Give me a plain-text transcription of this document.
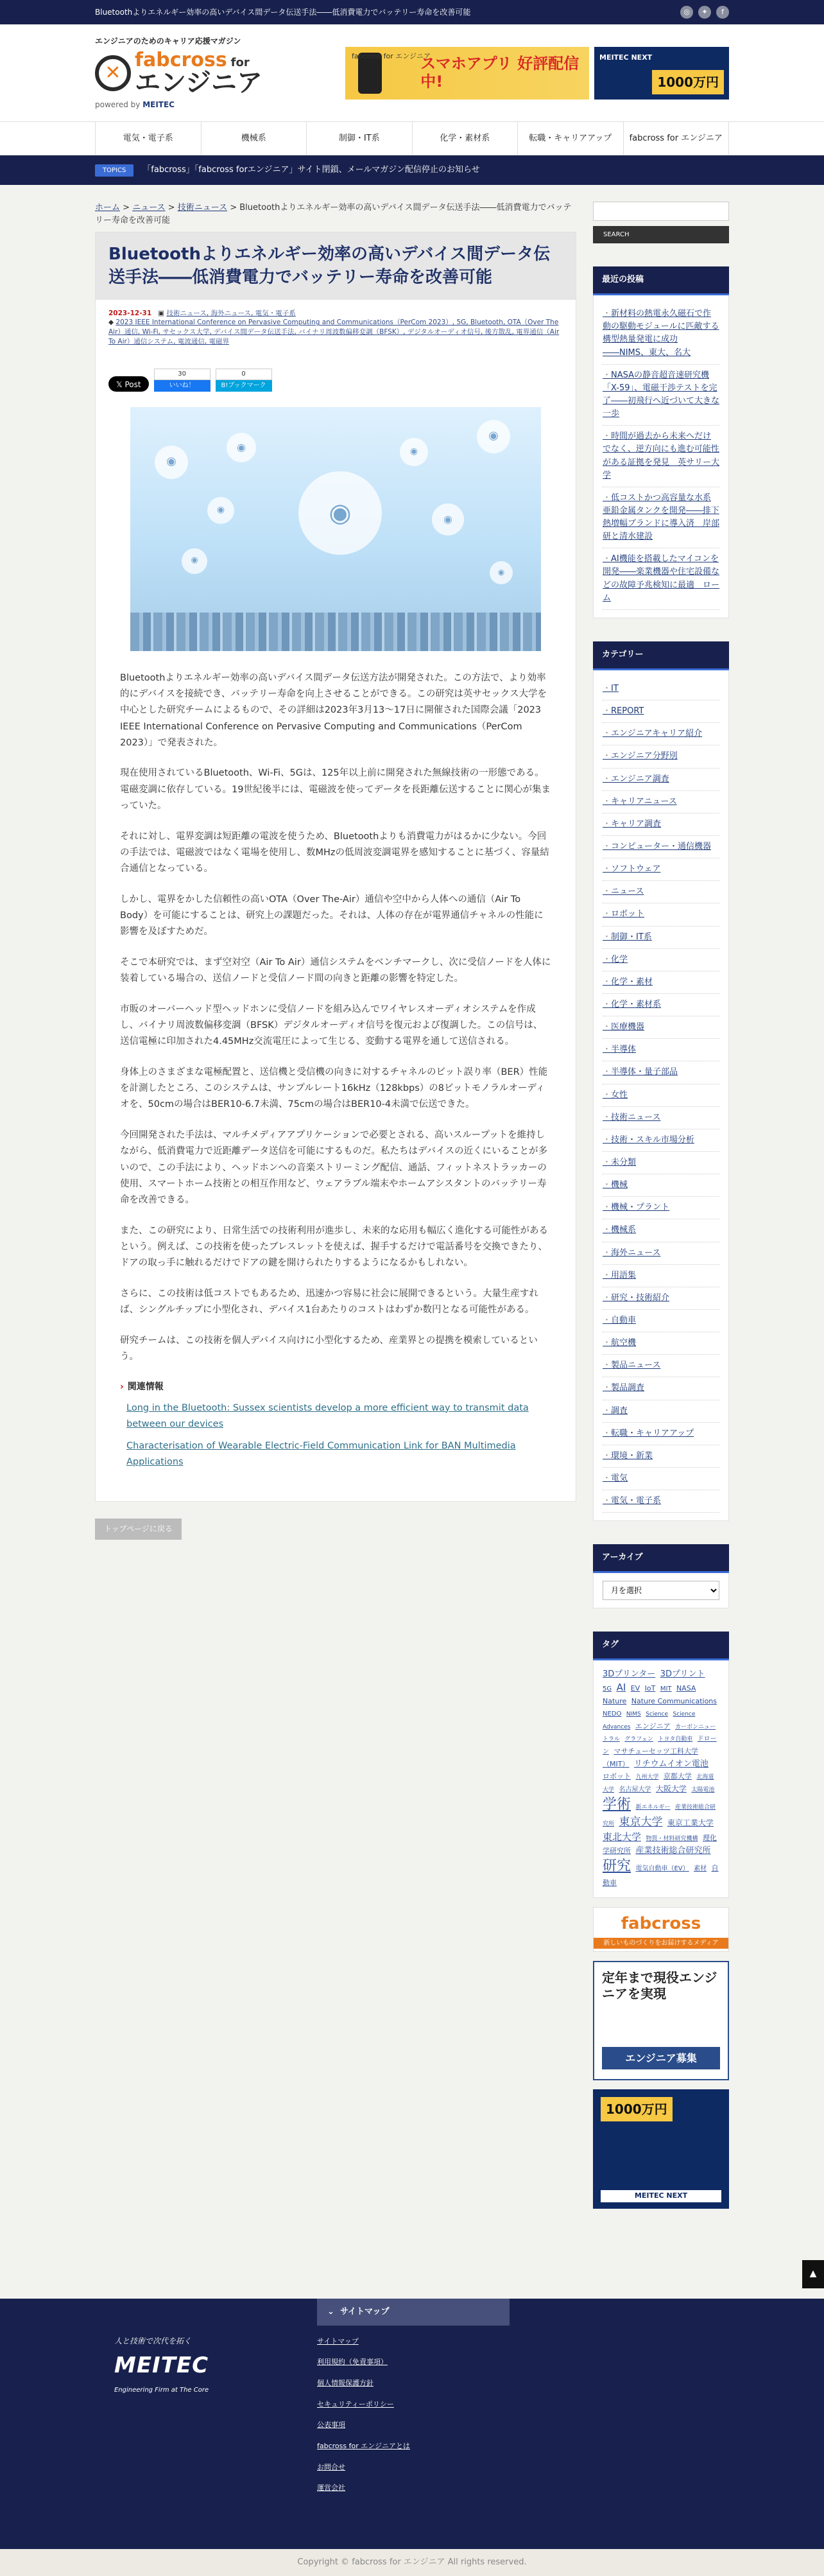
Bluetoothよりエネルギー効率の高いデバイス間データ伝送手法――低消費電力でバッテリー寿命を改善可能	◎	✦	f
エンジニアのためのキャリア応援マガジン
✕
fabcross for
エンジニア
powered by MEITEC
fabcross for エンジニア
スマホアプリ 好評配信中!
MEITEC NEXT
1000万円
電気・電子系	機械系	制御・IT系	化学・素材系	転職・キャリアアップ	fabcross for エンジニア
TOPICS	「fabcross」「fabcross forエンジニア」サイト閉鎖、メールマガジン配信停止のお知らせ
ホーム > ニュース > 技術ニュース > Bluetoothよりエネルギー効率の高いデバイス間データ伝送手法――低消費電力でバッテリー寿命を改善可能
Bluetoothよりエネルギー効率の高いデバイス間データ伝送手法――低消費電力でバッテリー寿命を改善可能
2023-12-31 ▣ 技術ニュース, 海外ニュース, 電気・電子系
◆ 2023 IEEE International Conference on Pervasive Computing and Communications（PerCom 2023）, 5G, Bluetooth, OTA（Over The Air）通信, Wi-Fi, サセックス大学, デバイス間データ伝送手法, バイナリ周波数偏移変調（BFSK）, デジタルオーディオ信号, 後方散乱, 電界通信（Air To Air）通信システム, 電波通信, 電磁界
𝕏 Post
30
いいね！
0
B!ブックマーク
◉
◉
◉
◉
◉
◉
◉
◉
◉

Bluetoothよりエネルギー効率の高いデバイス間データ伝送方法が開発された。この方法で、より効率的にデバイスを接続でき、バッテリー寿命を向上させることができる。この研究は英サセックス大学を中心とした研究チームによるもので、その詳細は2023年3月13〜17日に開催された国際会議「2023 IEEE International Conference on Pervasive Computing and Communications（PerCom 2023）」で発表された。

現在使用されているBluetooth、Wi-Fi、5Gは、125年以上前に開発された無線技術の一形態である。電磁変調に依存している。19世紀後半には、電磁波を使ってデータを長距離伝送することに関心が集まっていた。

それに対し、電界変調は短距離の電波を使うため、Bluetoothよりも消費電力がはるかに少ない。今回の手法では、電磁波ではなく電場を使用し、数MHzの低周波変調電界を感知することに基づく、容量結合通信となっている。

しかし、電界をかした信頼性の高いOTA（Over The-Air）通信や空中から人体への通信（Air To Body）を可能にすることは、研究上の課題だった。それは、人体の存在が電界通信チャネルの性能に影響を及ぼすためだ。

そこで本研究では、まず空対空（Air To Air）通信システムをベンチマークし、次に受信ノードを人体に装着している場合の、送信ノードと受信ノード間の向きと距離の影響を特定した。

市販のオーバーヘッド型ヘッドホンに受信ノードを組み込んでワイヤレスオーディオシステムを作成し、バイナリ周波数偏移変調（BFSK）デジタルオーディオ信号を復元および復調した。この信号は、送信電極に印加された4.45MHz交流電圧によって生じる、変動する電界を通して送信される。

身体上のさまざまな電極配置と、送信機と受信機の向きに対するチャネルのビット誤り率（BER）性能を計測したところ、このシステムは、サンプルレート16kHz（128kbps）の8ビットモノラルオーディオを、50cmの場合はBER10-6.7未満、75cmの場合はBER10-4未満で伝送できた。

今回開発された手法は、マルチメディアアプリケーションで必要とされる、高いスループットを維持しながら、低消費電力で近距離データ送信を可能にするものだ。私たちはデバイスの近くにいることが多いので、この手法により、ヘッドホンへの音楽ストリーミング配信、通話、フィットネストラッカーの使用、スマートホーム技術との相互作用など、ウェアラブル端末やホームアシスタントのバッテリー寿命を改善できる。

また、この研究により、日常生活での技術利用が進歩し、未来的な応用も幅広く進化する可能性があるという。例えば、この技術を使ったブレスレットを使えば、握手するだけで電話番号を交換できたり、ドアの取っ手に触れるだけでドアの鍵を開けられたりするようになるかもしれない。

さらに、この技術は低コストでもあるため、迅速かつ容易に社会に展開できるという。大量生産すれば、シングルチップに小型化され、デバイス1台あたりのコストはわずか数円となる可能性がある。

研究チームは、この技術を個人デバイス向けに小型化するため、産業界との提携を模索しているという。

› 関連情報
Long in the Bluetooth: Sussex scientists develop a more efficient way to transmit data between our devices
Characterisation of Wearable Electric-Field Communication Link for BAN Multimedia Applications
トップページに戻る
SEARCH
最近の投稿
・ 新材料の熱電永久磁石で作動の駆動モジュールに匹敵する構型熱量発電に成功――NIMS、東大、名大
・ NASAの静音超音速研究機「X-59」、電磁干渉テストを完了――初飛行へ近づいて大きな一歩
・ 時間が過去から未来へだけでなく、逆方向にも進む可能性がある証拠を発見　英サリー大学
・ 低コストかつ高容量な水系亜鉛金属タンクを開発――排下熱増幅ブランドに導入済　岸部研と清水建設
・ AI機能を搭載したマイコンを開発――楽業機器や住宅設備などの故障予兆検知に最適　ローム
カテゴリー
・ IT
・ REPORT
・ エンジニアキャリア紹介
・ エンジニア分野別
・ エンジニア調査
・ キャリアニュース
・ キャリア調査
・ コンピューター・通信機器
・ ソフトウェア
・ ニュース
・ ロボット
・ 制御・IT系
・ 化学
・ 化学・素材
・ 化学・素材系
・ 医療機器
・ 半導体
・ 半導体・量子部品
・ 女性
・ 技術ニュース
・ 技術・スキル市場分析
・ 未分類
・ 機械
・ 機械・プラント
・ 機械系
・ 海外ニュース
・ 用語集
・ 研究・技術紹介
・ 自動車
・ 航空機
・ 製品ニュース
・ 製品調査
・ 調査
・ 転職・キャリアアップ
・ 環境・新業
・ 電気
・ 電気・電子系
アーカイブ
月を選択
タグ
3Dプリンター 3Dプリント 5G AI EV IoT MIT NASA Nature Nature Communications NEDO NIMS Science Science Advances エンジニア カーボンニュートラル グラフェン トヨタ自動車 ドローン マサチューセッツ工科大学（MIT） リチウムイオン電池 ロボット 九州大学 京都大学 北海道大学 名古屋大学 大阪大学 太陽電池 学術 新エネルギー 産業技術総合研究所 東京大学 東京工業大学 東北大学 物質・材料研究機構 理化学研究所 産業技術総合研究所 研究 電気自動車（EV） 素材 自動車
fabcross
新しいものづくりをお届けするメディア
定年まで現役エンジニアを実現
エンジニア募集
1000万円
MEITEC NEXT
▲
人と技術で次代を拓く
MEITEC
Engineering Firm at The Core
⌄ サイトマップ
サイトマップ
利用規約（免責事項）
個人情報保護方針
セキュリティーポリシー
公表事項
fabcross for エンジニアとは
お問合せ
運営会社
Copyright © fabcross for エンジニア All rights reserved.
